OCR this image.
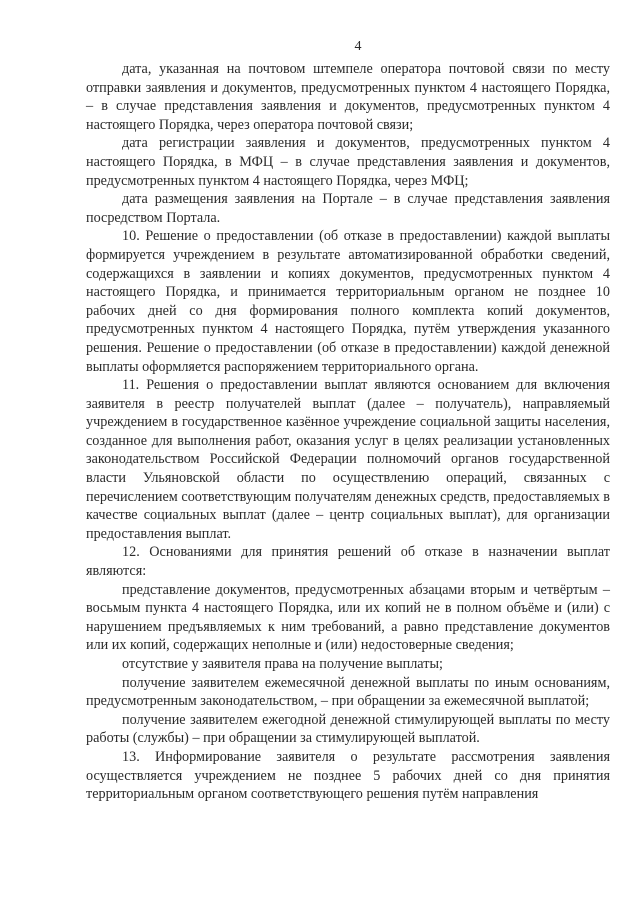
4

дата, указанная на почтовом штемпеле оператора почтовой связи по месту отправки заявления и документов, предусмотренных пунктом 4 настоящего Порядка, – в случае представления заявления и документов, предусмотренных пунктом 4 настоящего Порядка, через оператора почтовой связи;

дата регистрации заявления и документов, предусмотренных пунктом 4 настоящего Порядка, в МФЦ – в случае представления заявления и документов, предусмотренных пунктом 4 настоящего Порядка, через МФЦ;

дата размещения заявления на Портале – в случае представления заявления посредством Портала.

10. Решение о предоставлении (об отказе в предоставлении) каждой выплаты формируется учреждением в результате автоматизированной обработки сведений, содержащихся в заявлении и копиях документов, предусмотренных пунктом 4 настоящего Порядка, и принимается территориальным органом не позднее 10 рабочих дней со дня формирования полного комплекта копий документов, предусмотренных пунктом 4 настоящего Порядка, путём утверждения указанного решения. Решение о предоставлении (об отказе в предоставлении) каждой денежной выплаты оформляется распоряжением территориального органа.

11. Решения о предоставлении выплат являются основанием для включения заявителя в реестр получателей выплат (далее – получатель), направляемый учреждением в государственное казённое учреждение социальной защиты населения, созданное для выполнения работ, оказания услуг в целях реализации установленных законодательством Российской Федерации полномочий органов государственной власти Ульяновской области по осуществлению операций, связанных с перечислением соответствующим получателям денежных средств, предоставляемых в качестве социальных выплат (далее – центр социальных выплат), для организации предоставления выплат.

12. Основаниями для принятия решений об отказе в назначении выплат являются:

представление документов, предусмотренных абзацами вторым и четвёртым – восьмым пункта 4 настоящего Порядка, или их копий не в полном объёме и (или) с нарушением предъявляемых к ним требований, а равно представление документов или их копий, содержащих неполные и (или) недостоверные сведения;

отсутствие у заявителя права на получение выплаты;

получение заявителем ежемесячной денежной выплаты по иным основаниям, предусмотренным законодательством, – при обращении за ежемесячной выплатой;

получение заявителем ежегодной денежной стимулирующей выплаты по месту работы (службы) – при обращении за стимулирующей выплатой.

13. Информирование заявителя о результате рассмотрения заявления осуществляется учреждением не позднее 5 рабочих дней со дня принятия территориальным органом соответствующего решения путём направления
